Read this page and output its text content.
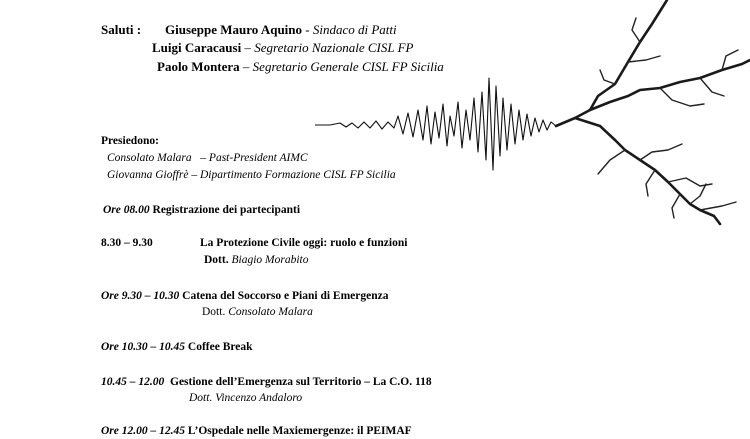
Saluti : Giuseppe Mauro Aquino - Sindaco di Patti
Luigi Caracausi – Segretario Nazionale CISL FP
Paolo Montera – Segretario Generale CISL FP Sicilia
Presiedono:
Consolato Malara   – Past-President AIMC
Giovanna Gioffrè – Dipartimento Formazione CISL FP Sicilia
Ore 08.00 Registrazione dei partecipanti
8.30 – 9.30	La Protezione Civile oggi: ruolo e funzioni
Dott. Biagio Morabito
Ore 9.30 – 10.30 Catena del Soccorso e Piani di Emergenza
Dott. Consolato Malara
Ore 10.30 – 10.45 Coffee Break
10.45 – 12.00 Gestione dell’Emergenza sul Territorio – La C.O. 118
Dott. Vincenzo Andaloro
Ore 12.00 – 12.45 L’Ospedale nelle Maxiemergenze: il PEIMAF
